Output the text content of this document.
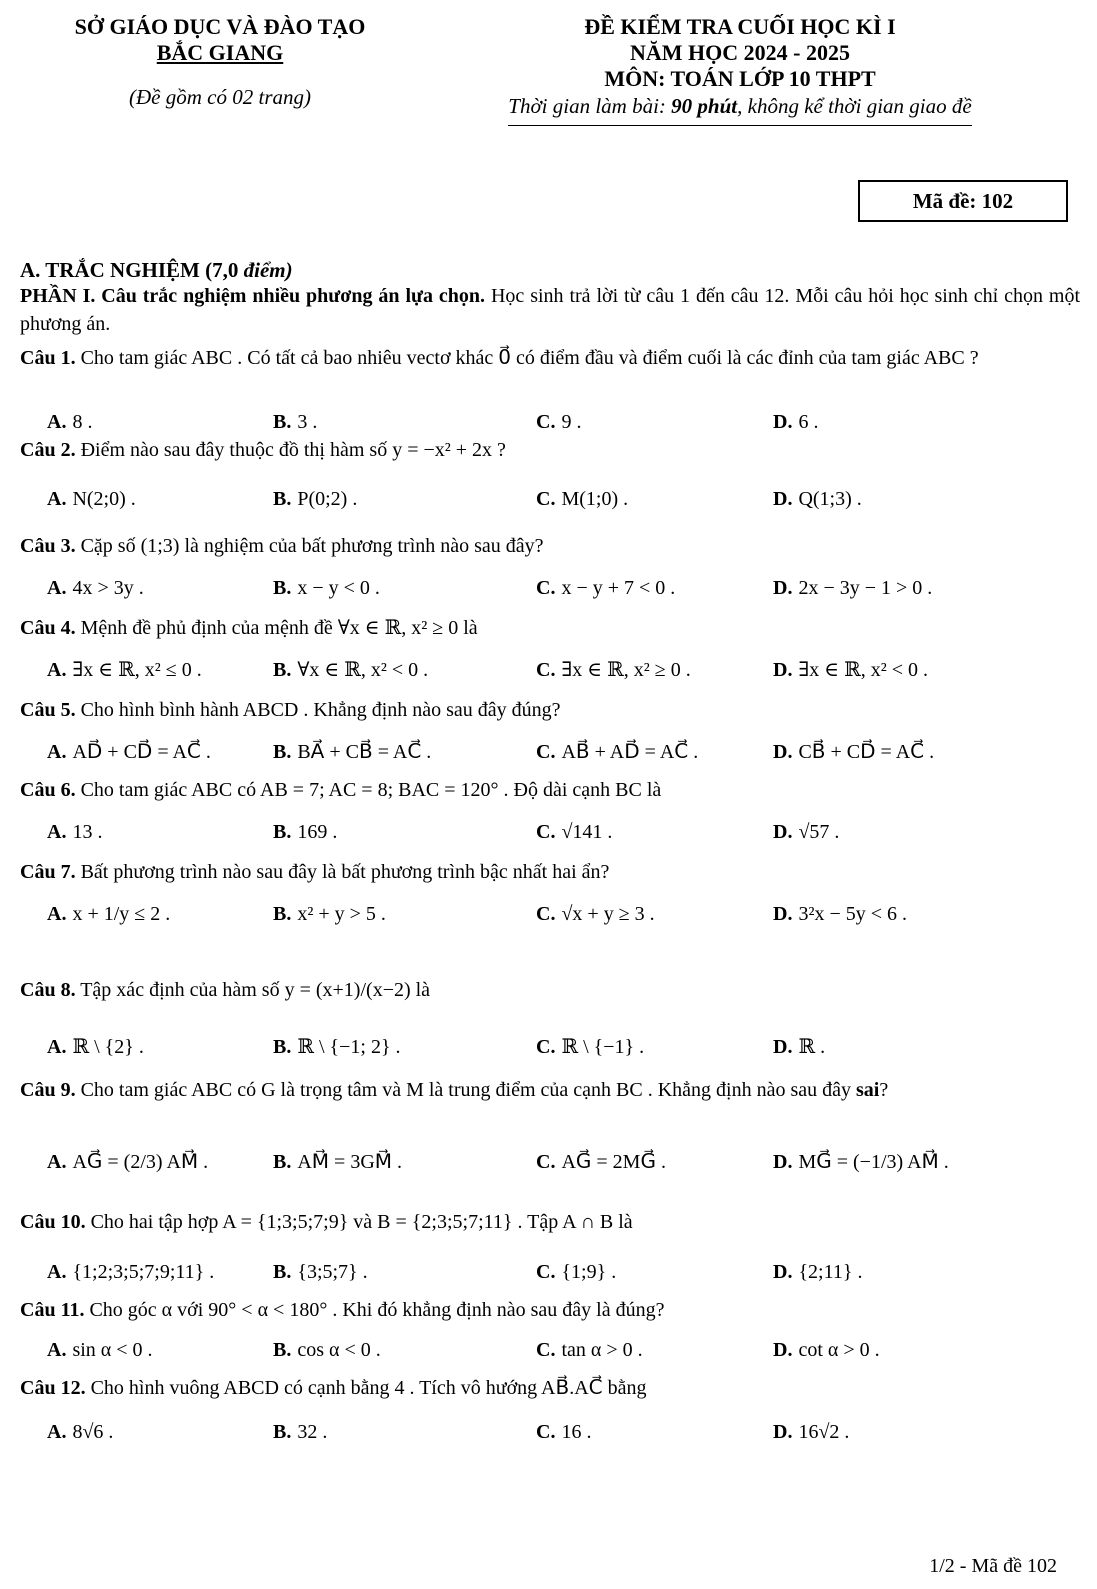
SỞ GIÁO DỤC VÀ ĐÀO TẠO
BẮC GIANG
(Đề gồm có 02 trang)
ĐỀ KIỂM TRA CUỐI HỌC KÌ I
NĂM HỌC 2024 - 2025
MÔN: TOÁN LỚP 10 THPT
Thời gian làm bài: 90 phút, không kể thời gian giao đề
Mã đề: 102
A. TRẮC NGHIỆM (7,0 điểm)
PHẦN I. Câu trắc nghiệm nhiều phương án lựa chọn. Học sinh trả lời từ câu 1 đến câu 12. Mỗi câu hỏi học sinh chỉ chọn một phương án.
Câu 1. Cho tam giác ABC . Có tất cả bao nhiêu vectơ khác 0⃗ có điểm đầu và điểm cuối là các đỉnh của tam giác ABC ?
A. 8 .	B. 3 .	C. 9 .	D. 6 .
Câu 2. Điểm nào sau đây thuộc đồ thị hàm số y = −x² + 2x ?
A. N(2;0) .	B. P(0;2) .	C. M(1;0) .	D. Q(1;3) .
Câu 3. Cặp số (1;3) là nghiệm của bất phương trình nào sau đây?
A. 4x > 3y .	B. x − y < 0 .	C. x − y + 7 < 0 .	D. 2x − 3y − 1 > 0 .
Câu 4. Mệnh đề phủ định của mệnh đề ∀x ∈ ℝ, x² ≥ 0 là
A. ∃x ∈ ℝ, x² ≤ 0 .	B. ∀x ∈ ℝ, x² < 0 .	C. ∃x ∈ ℝ, x² ≥ 0 .	D. ∃x ∈ ℝ, x² < 0 .
Câu 5. Cho hình bình hành ABCD . Khẳng định nào sau đây đúng?
A. AD⃗ + CD⃗ = AC⃗ .	B. BA⃗ + CB⃗ = AC⃗ .	C. AB⃗ + AD⃗ = AC⃗ .	D. CB⃗ + CD⃗ = AC⃗ .
Câu 6. Cho tam giác ABC có AB = 7; AC = 8; BAC = 120° . Độ dài cạnh BC là
A. 13 .	B. 169 .	C. √141 .	D. √57 .
Câu 7. Bất phương trình nào sau đây là bất phương trình bậc nhất hai ẩn?
A. x + 1/y ≤ 2 .	B. x² + y > 5 .	C. √x + y ≥ 3 .	D. 3²x − 5y < 6 .
Câu 8. Tập xác định của hàm số y = (x+1)/(x−2) là
A. ℝ \ {2} .	B. ℝ \ {−1; 2} .	C. ℝ \ {−1} .	D. ℝ .
Câu 9. Cho tam giác ABC có G là trọng tâm và M là trung điểm của cạnh BC . Khẳng định nào sau đây sai?
A. AG⃗ = (2/3) AM⃗ .	B. AM⃗ = 3GM⃗ .	C. AG⃗ = 2MG⃗ .	D. MG⃗ = (−1/3) AM⃗ .
Câu 10. Cho hai tập hợp A = {1;3;5;7;9} và B = {2;3;5;7;11} . Tập A ∩ B là
A. {1;2;3;5;7;9;11} .	B. {3;5;7} .	C. {1;9} .	D. {2;11} .
Câu 11. Cho góc α với 90° < α < 180° . Khi đó khẳng định nào sau đây là đúng?
A. sin α < 0 .	B. cos α < 0 .	C. tan α > 0 .	D. cot α > 0 .
Câu 12. Cho hình vuông ABCD có cạnh bằng 4 . Tích vô hướng AB⃗.AC⃗ bằng
A. 8√6 .	B. 32 .	C. 16 .	D. 16√2 .
1/2 - Mã đề 102
